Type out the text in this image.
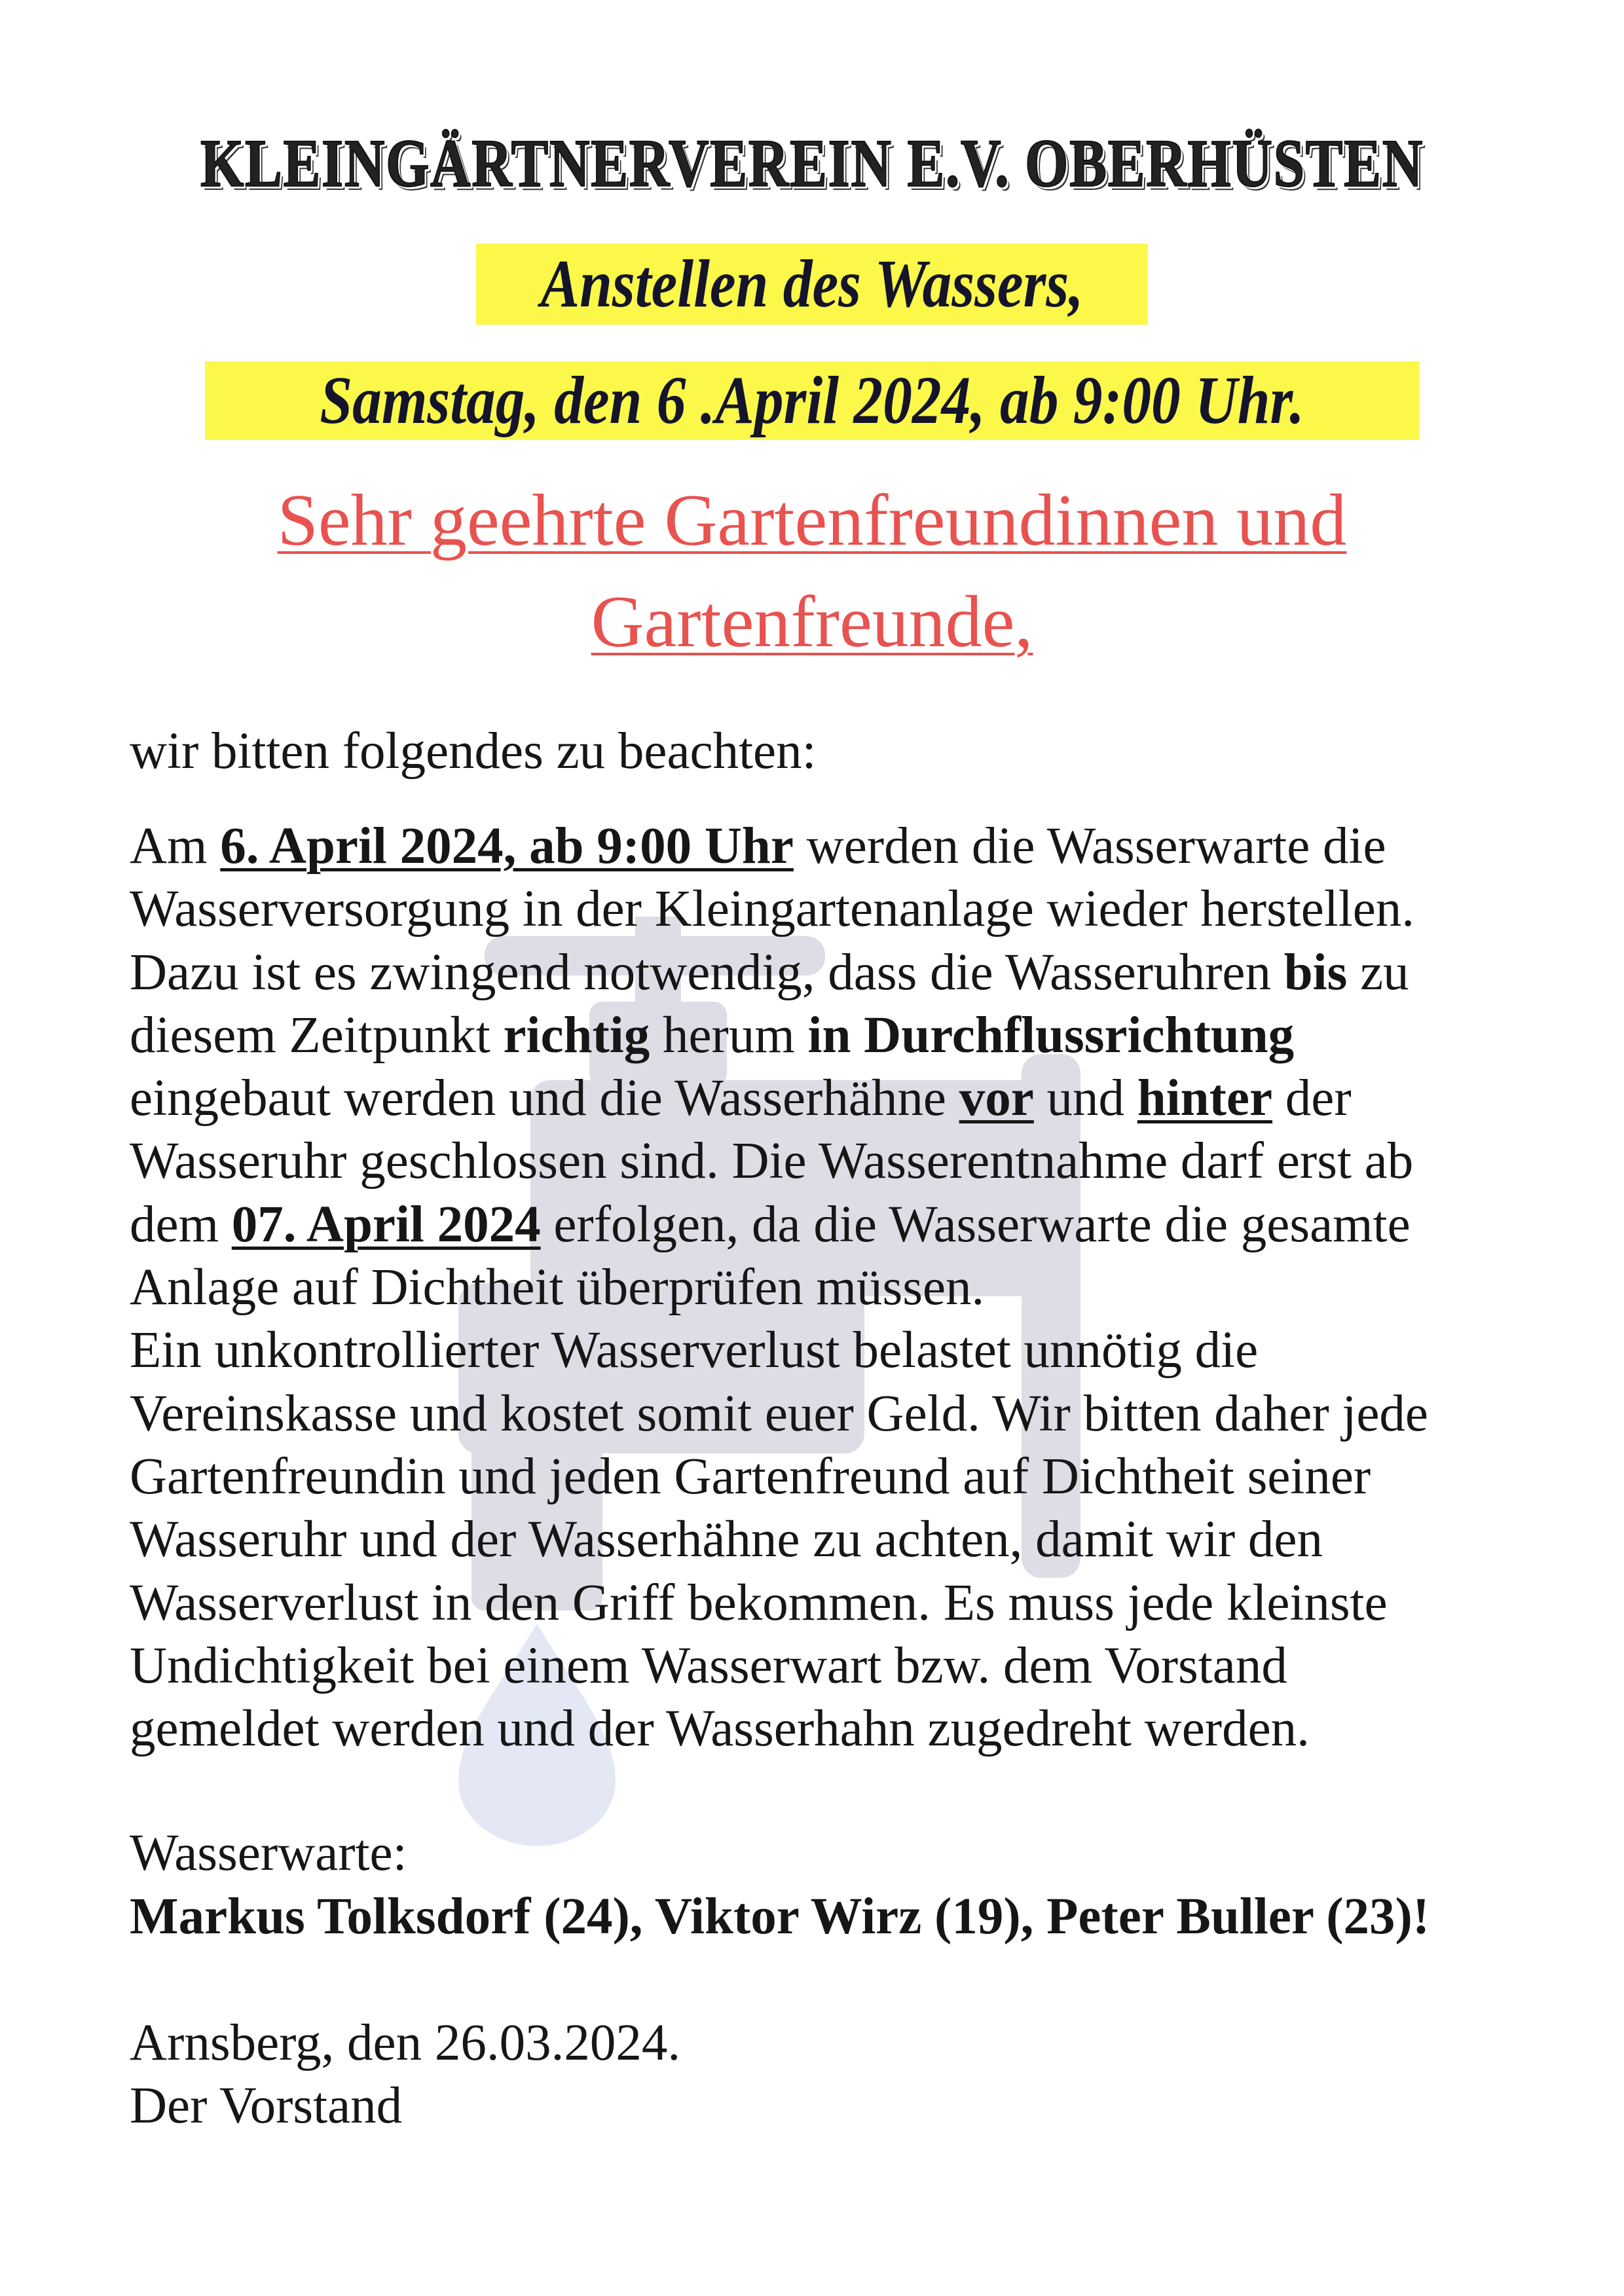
KLEINGÄRTNERVEREIN E.V. OBERHÜSTEN
Anstellen des Wassers,
Samstag, den 6 .April 2024, ab 9:00 Uhr.
Sehr geehrte Gartenfreundinnen und
Gartenfreunde,
wir bitten folgendes zu beachten:
Am 6. April 2024, ab 9:00 Uhr werden die Wasserwarte die
Wasserversorgung in der Kleingartenanlage wieder herstellen.
Dazu ist es zwingend notwendig, dass die Wasseruhren bis zu
diesem Zeitpunkt richtig herum in Durchflussrichtung
eingebaut werden und die Wasserhähne vor und hinter der
Wasseruhr geschlossen sind. Die Wasserentnahme darf erst ab
dem 07. April 2024 erfolgen, da die Wasserwarte die gesamte
Anlage auf Dichtheit überprüfen müssen.
Ein unkontrollierter Wasserverlust belastet unnötig die
Vereinskasse und kostet somit euer Geld. Wir bitten daher jede
Gartenfreundin und jeden Gartenfreund auf Dichtheit seiner
Wasseruhr und der Wasserhähne zu achten, damit wir den
Wasserverlust in den Griff bekommen. Es muss jede kleinste
Undichtigkeit bei einem Wasserwart bzw. dem Vorstand
gemeldet werden und der Wasserhahn zugedreht werden.
Wasserwarte:
Markus Tolksdorf (24), Viktor Wirz (19), Peter Buller (23)!
Arnsberg, den 26.03.2024.
Der Vorstand
